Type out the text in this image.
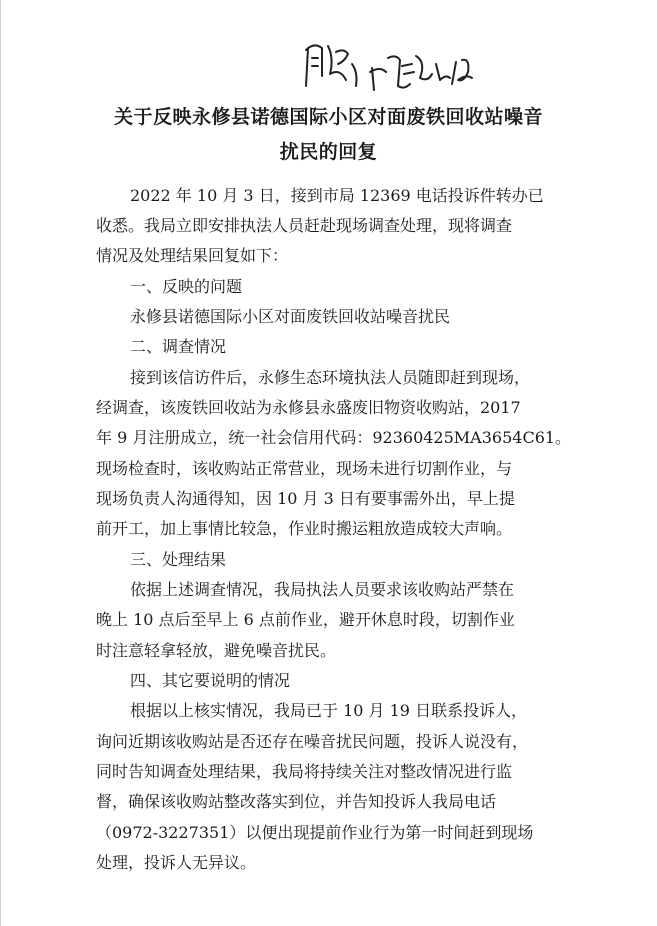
关于反映永修县诺德国际小区对面废铁回收站噪音
扰民的回复
2022 年 10 月 3 日，接到市局 12369 电话投诉件转办已
收悉。我局立即安排执法人员赶赴现场调查处理，现将调查
情况及处理结果回复如下：
一、反映的问题
永修县诺德国际小区对面废铁回收站噪音扰民
二、调查情况
接到该信访件后，永修生态环境执法人员随即赶到现场，
经调查，该废铁回收站为永修县永盛废旧物资收购站，2017
年 9 月注册成立，统一社会信用代码：92360425MA3654C61。
现场检查时，该收购站正常营业，现场未进行切割作业，与
现场负责人沟通得知，因 10 月 3 日有要事需外出，早上提
前开工，加上事情比较急，作业时搬运粗放造成较大声响。
三、处理结果
依据上述调查情况，我局执法人员要求该收购站严禁在
晚上 10 点后至早上 6 点前作业，避开休息时段，切割作业
时注意轻拿轻放，避免噪音扰民。
四、其它要说明的情况
根据以上核实情况，我局已于 10 月 19 日联系投诉人，
询问近期该收购站是否还存在噪音扰民问题，投诉人说没有，
同时告知调查处理结果，我局将持续关注对整改情况进行监
督，确保该收购站整改落实到位，并告知投诉人我局电话
（0972-3227351）以便出现提前作业行为第一时间赶到现场
处理，投诉人无异议。
